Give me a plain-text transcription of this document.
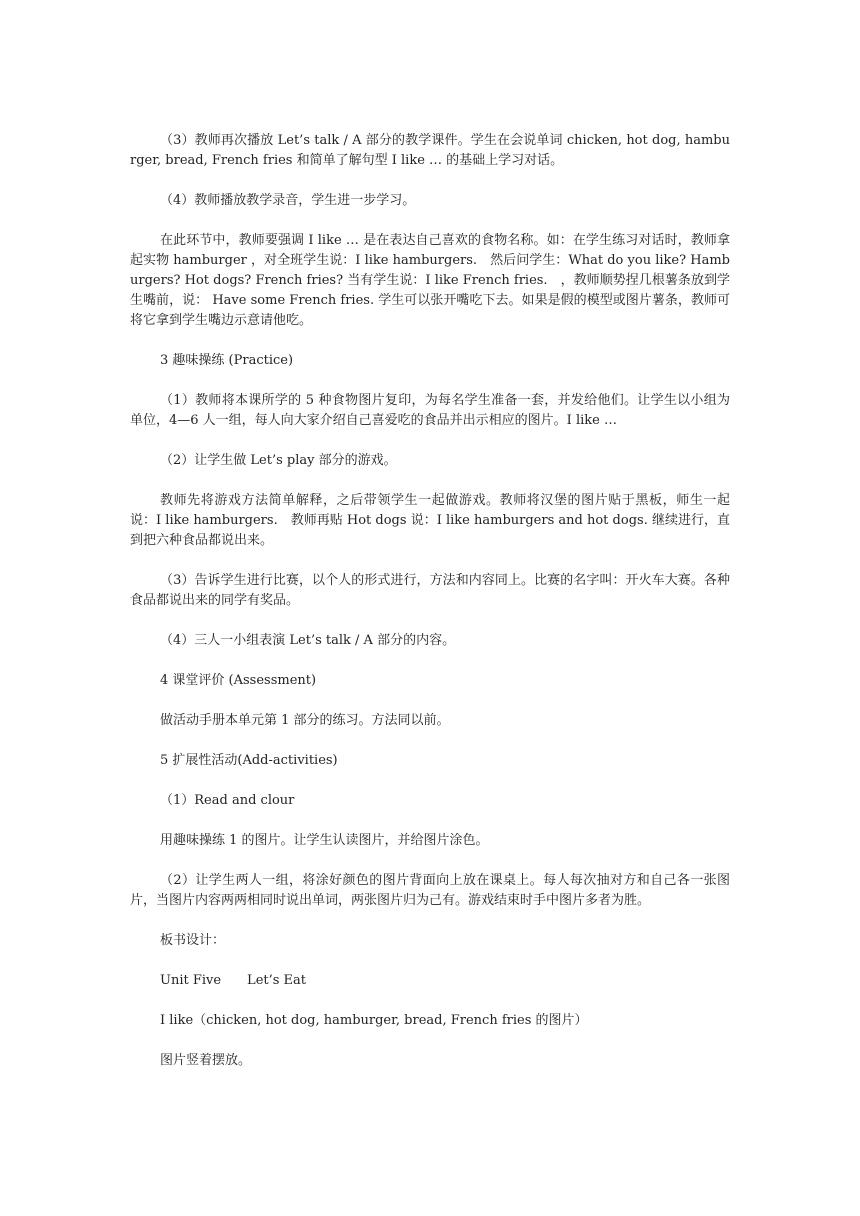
（3）教师再次播放 Let’s talk / A 部分的教学课件。学生在会说单词 chicken, hot dog, hamburger, bread, French fries 和简单了解句型 I like … 的基础上学习对话。

（4）教师播放教学录音，学生进一步学习。

在此环节中，教师要强调 I like … 是在表达自己喜欢的食物名称。如：在学生练习对话时，教师拿起实物 hamburger ，对全班学生说：I like hamburgers.　然后问学生：What do you like? Hamburgers? Hot dogs? French fries? 当有学生说：I like French fries.　，教师顺势捏几根薯条放到学生嘴前，说： Have some French fries. 学生可以张开嘴吃下去。如果是假的模型或图片薯条，教师可将它拿到学生嘴边示意请他吃。

3 趣味操练 (Practice)

（1）教师将本课所学的 5 种食物图片复印，为每名学生准备一套，并发给他们。让学生以小组为单位，4—6 人一组，每人向大家介绍自己喜爱吃的食品并出示相应的图片。I like …

（2）让学生做 Let’s play 部分的游戏。

教师先将游戏方法简单解释，之后带领学生一起做游戏。教师将汉堡的图片贴于黑板，师生一起说：I like hamburgers.　教师再贴 Hot dogs 说：I like hamburgers and hot dogs. 继续进行，直到把六种食品都说出来。

（3）告诉学生进行比赛，以个人的形式进行，方法和内容同上。比赛的名字叫：开火车大赛。各种食品都说出来的同学有奖品。

（4）三人一小组表演 Let’s talk / A 部分的内容。

4 课堂评价 (Assessment)

做活动手册本单元第 1 部分的练习。方法同以前。

5 扩展性活动(Add-activities)

（1）Read and clour

用趣味操练 1 的图片。让学生认读图片，并给图片涂色。

（2）让学生两人一组，将涂好颜色的图片背面向上放在课桌上。每人每次抽对方和自己各一张图片，当图片内容两两相同时说出单词，两张图片归为己有。游戏结束时手中图片多者为胜。

板书设计：

Unit Five　　Let’s Eat

I like（chicken, hot dog, hamburger, bread, French fries 的图片）

图片竖着摆放。
